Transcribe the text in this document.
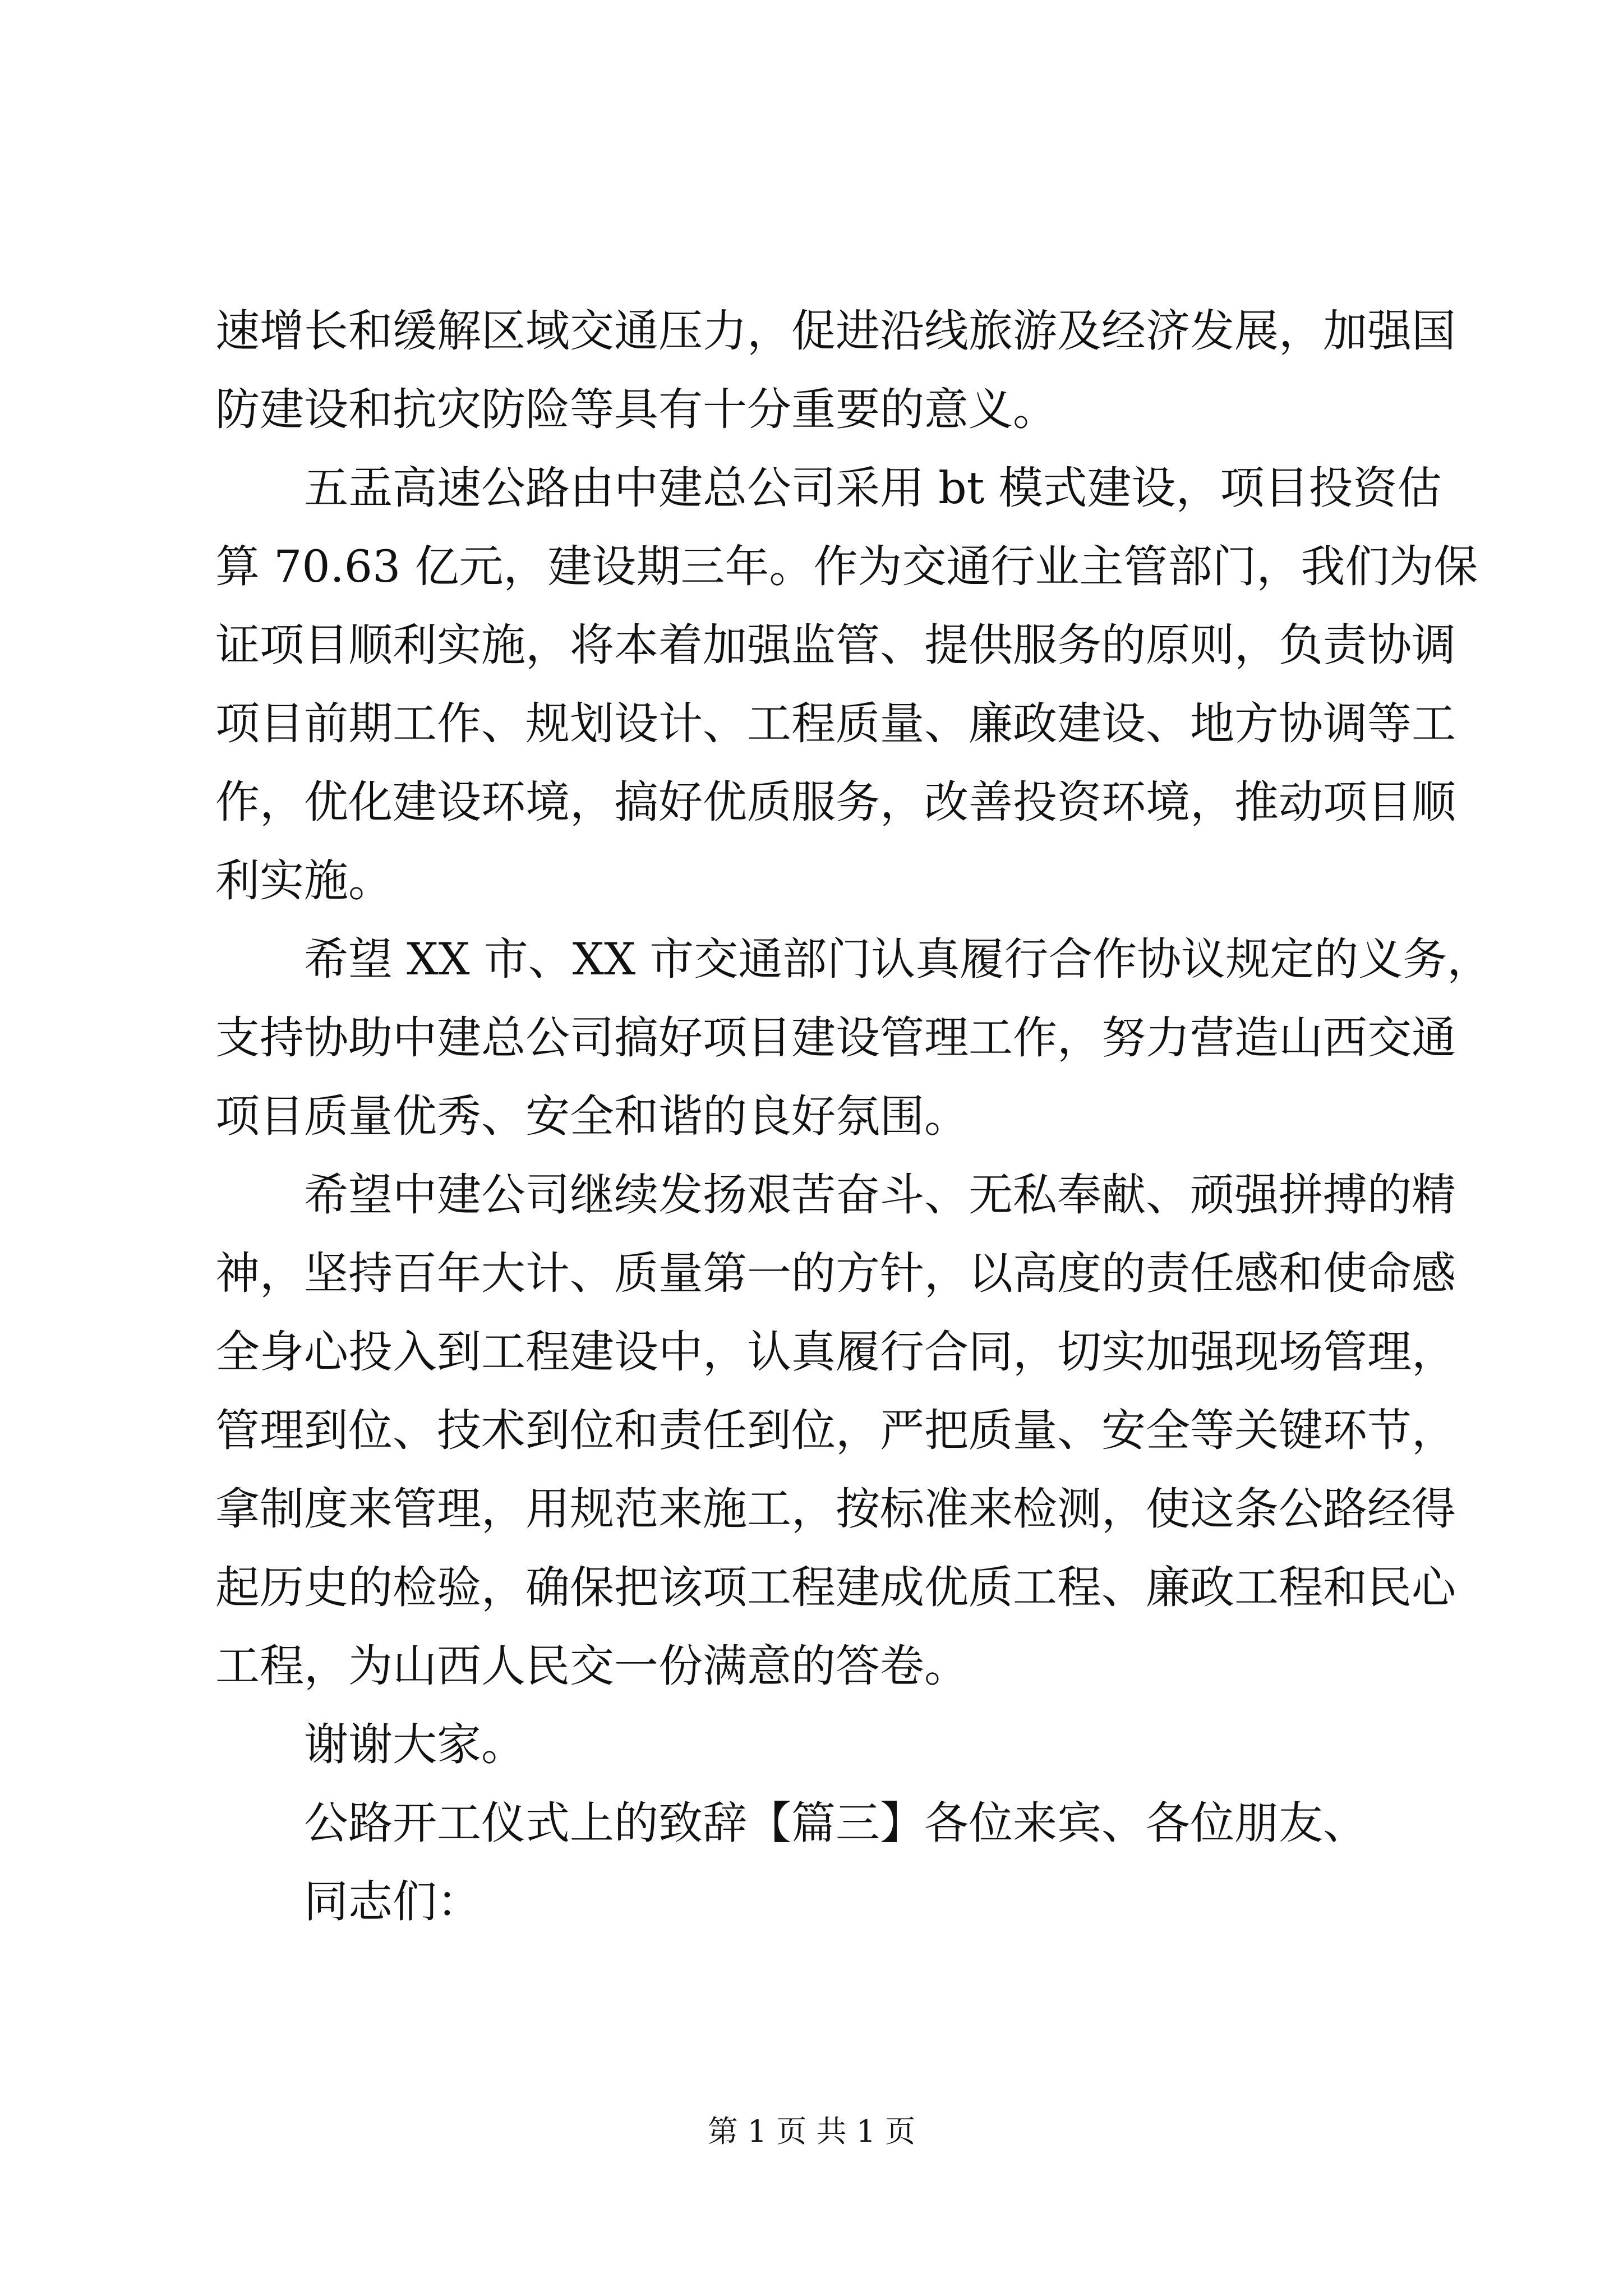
速增长和缓解区域交通压力，促进沿线旅游及经济发展，加强国
防建设和抗灾防险等具有十分重要的意义。
五盂高速公路由中建总公司采用 bt 模式建设，项目投资估
算 70.63 亿元，建设期三年。作为交通行业主管部门，我们为保
证项目顺利实施，将本着加强监管、提供服务的原则，负责协调
项目前期工作、规划设计、工程质量、廉政建设、地方协调等工
作，优化建设环境，搞好优质服务，改善投资环境，推动项目顺
利实施。
希望 XX 市、XX 市交通部门认真履行合作协议规定的义务，
支持协助中建总公司搞好项目建设管理工作，努力营造山西交通
项目质量优秀、安全和谐的良好氛围。
希望中建公司继续发扬艰苦奋斗、无私奉献、顽强拼搏的精
神，坚持百年大计、质量第一的方针，以高度的责任感和使命感
全身心投入到工程建设中，认真履行合同，切实加强现场管理，
管理到位、技术到位和责任到位，严把质量、安全等关键环节，
拿制度来管理，用规范来施工，按标准来检测，使这条公路经得
起历史的检验，确保把该项工程建成优质工程、廉政工程和民心
工程，为山西人民交一份满意的答卷。
谢谢大家。
公路开工仪式上的致辞【篇三】各位来宾、各位朋友、
同志们：
第 1 页 共 1 页
